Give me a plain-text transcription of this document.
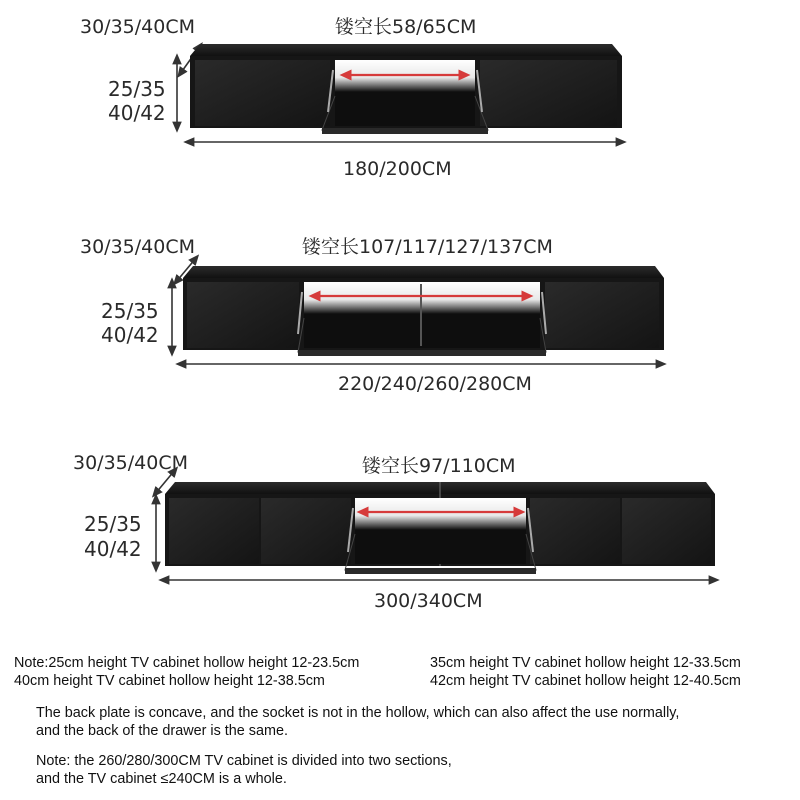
30/35/40CM	镂空长58/65CM
25/35
40/42
180/200CM
30/35/40CM	镂空长107/117/127/137CM
25/35
40/42
220/240/260/280CM
30/35/40CM	镂空长97/110CM
25/35
40/42
300/340CM
Note:25cm height TV cabinet hollow height 12-23.5cm	35cm height TV cabinet hollow height 12-33.5cm
40cm height TV cabinet hollow height 12-38.5cm	42cm height TV cabinet hollow height 12-40.5cm
The back plate is concave, and the socket is not in the hollow, which can also affect the use normally,
and the back of the drawer is the same.
Note: the 260/280/300CM TV cabinet is divided into two sections,
and the TV cabinet ≤240CM is a whole.
